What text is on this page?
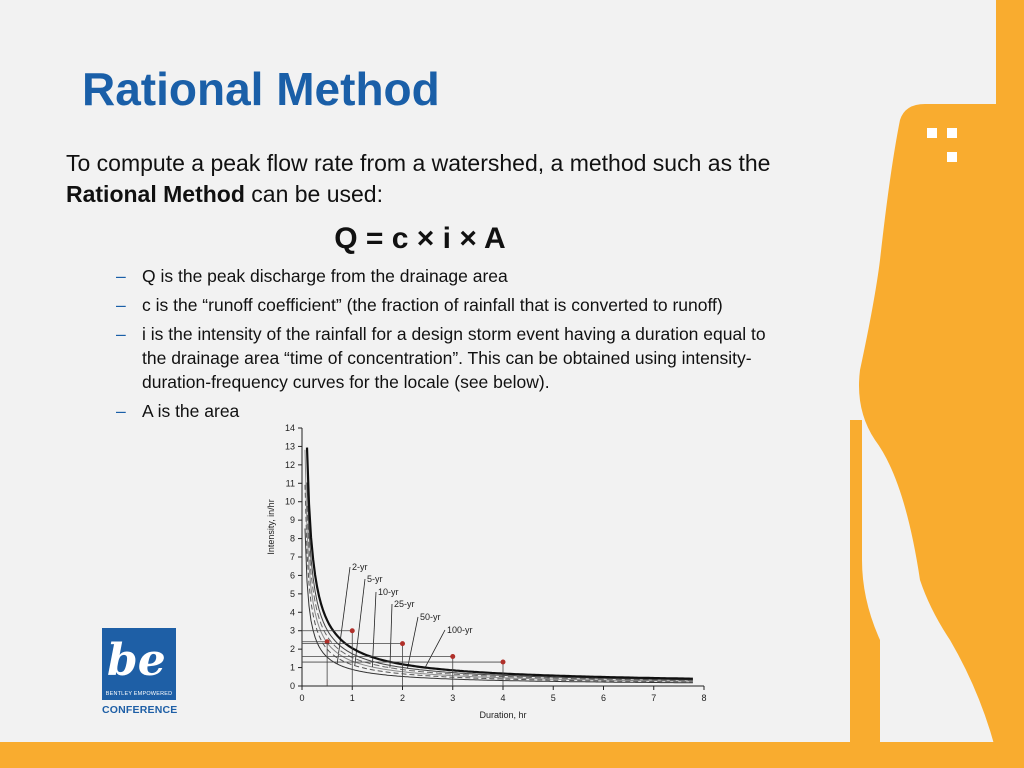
Rational Method

To compute a peak flow rate from a watershed, a method such as the Rational Method can be used:

Q = c × i × A

– Q is the peak discharge from the drainage area
– c is the “runoff coefficient” (the fraction of rainfall that is converted to runoff)
– i is the intensity of the rainfall for a design storm event having a duration equal to the drainage area “time of concentration”. This can be obtained using intensity-duration-frequency curves for the locale (see below).
– A is the area
0
1
2
3
4
5
6
7
8
9
10
11
12
13
14
0	1	2	3	4	5	6	7	8
Duration, hr
Intensity, in/hr
2-yr
5-yr
10-yr
25-yr
50-yr
100-yr
be
BENTLEY EMPOWERED
CONFERENCE
